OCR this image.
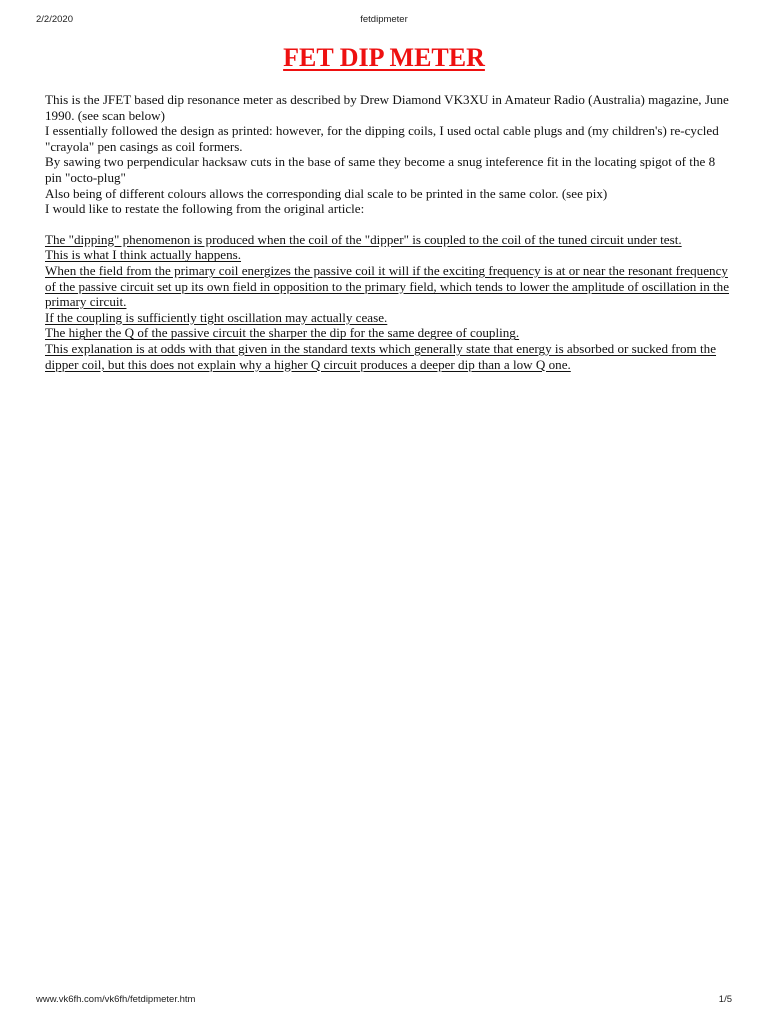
2/2/2020	fetdipmeter
FET DIP METER

This is the JFET based dip resonance meter as described by Drew Diamond VK3XU in Amateur Radio (Australia) magazine, June 1990. (see scan below)

I essentially followed the design as printed: however, for the dipping coils, I used octal cable plugs and (my children's) re-cycled "crayola" pen casings as coil formers.

By sawing two perpendicular hacksaw cuts in the base of same they become a snug inteference fit in the locating spigot of the 8 pin "octo-plug"

Also being of different colours allows the corresponding dial scale to be printed in the same color. (see pix)

I would like to restate the following from the original article:

The "dipping" phenomenon is produced when the coil of the "dipper" is coupled to the coil of the tuned circuit under test.

This is what I think actually happens.

When the field from the primary coil energizes the passive coil it will if the exciting frequency is at or near the resonant frequency of the passive circuit set up its own field in opposition to the primary field, which tends to lower the amplitude of oscillation in the primary circuit.

If the coupling is sufficiently tight oscillation may actually cease.

The higher the Q of the passive circuit the sharper the dip for the same degree of coupling.

This explanation is at odds with that given in the standard texts which generally state that energy is absorbed or sucked from the dipper coil, but this does not explain why a higher Q circuit produces a deeper dip than a low Q one.

www.vk6fh.com/vk6fh/fetdipmeter.htm	1/5
